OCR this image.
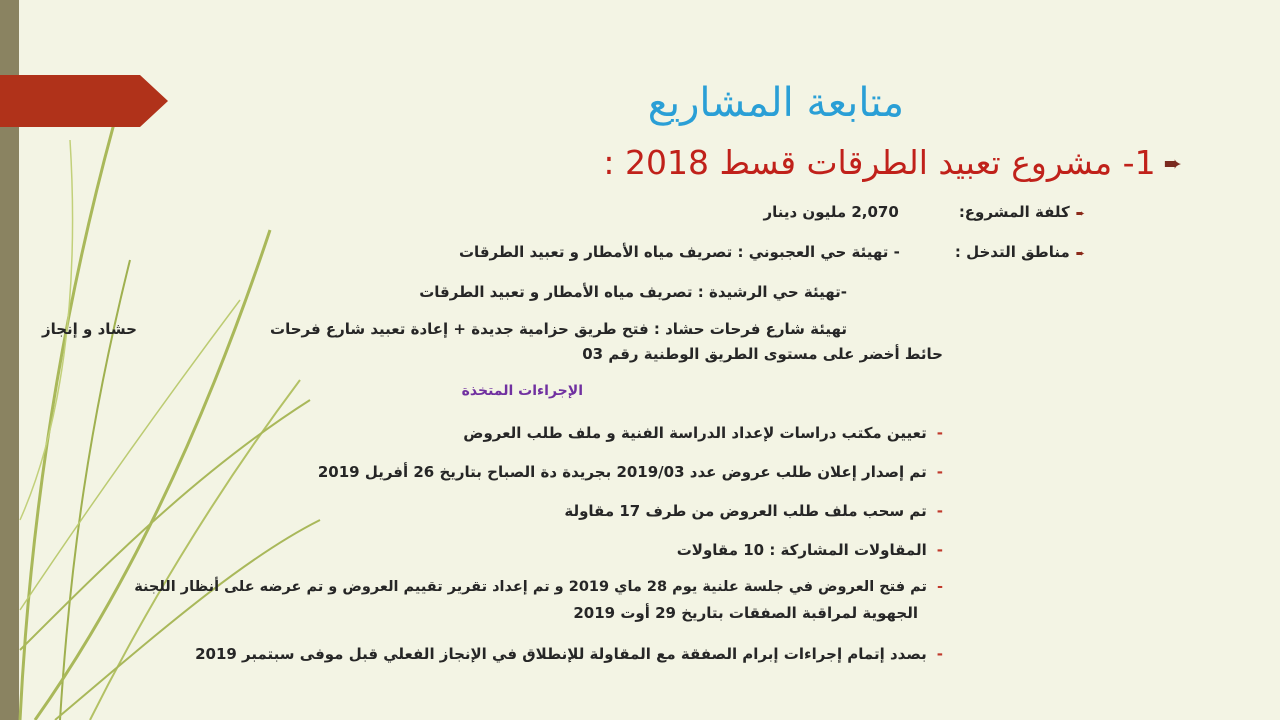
متابعة المشاريع
➨1- مشروع تعبيد الطرقات قسط 2018 :
➨كلفة المشروع:2,070 مليون دينار
➨مناطق التدخل :- تهيئة حي العجبوني : تصريف مياه الأمطار و تعبيد الطرقات
-تهيئة حي الرشيدة : تصريف مياه الأمطار و تعبيد الطرقات
تهيئة شارع فرحات حشاد : فتح طريق حزامية جديدة + إعادة تعبيد شارع فرحات
حشاد و إنجاز
حائط أخضر على مستوى الطريق الوطنية رقم 03
الإجراءات المتخذة
-تعيين مكتب دراسات لإعداد الدراسة الفنية و ملف طلب العروض
-تم إصدار إعلان طلب عروض عدد 2019/03 بجريدة دة الصباح بتاريخ 26 أفريل 2019
-تم سحب ملف طلب العروض من طرف 17 مقاولة
-المقاولات المشاركة : 10 مقاولات
-تم فتح العروض في جلسة علنية يوم 28 ماي 2019 و تم إعداد تقرير تقييم العروض و تم عرضه على أنظار اللجنة
الجهوية لمراقبة الصفقات بتاريخ 29 أوت 2019
-بصدد إتمام إجراءات إبرام الصفقة مع المقاولة للإنطلاق في الإنجاز الفعلي قبل موفى سبتمبر 2019
